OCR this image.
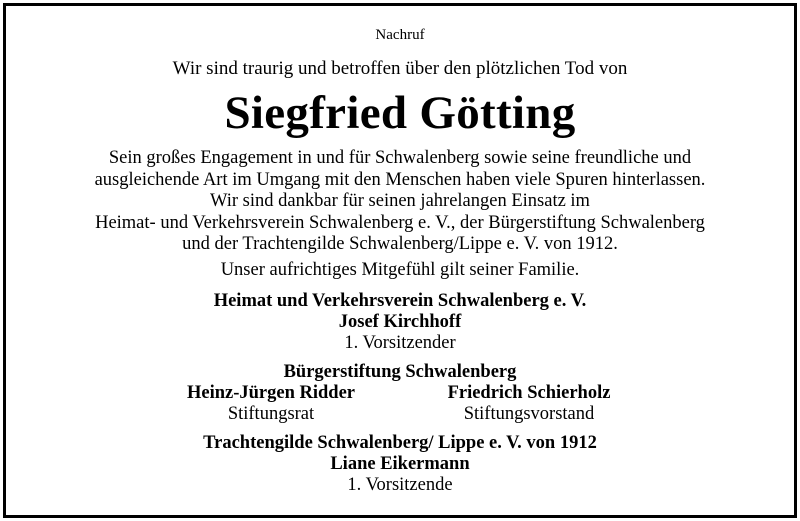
Nachruf
Wir sind traurig und betroffen über den plötzlichen Tod von
Siegfried Götting
Sein großes Engagement in und für Schwalenberg sowie seine freundliche und
ausgleichende Art im Umgang mit den Menschen haben viele Spuren hinterlassen.
Wir sind dankbar für seinen jahrelangen Einsatz im
Heimat- und Verkehrsverein Schwalenberg e. V., der Bürgerstiftung Schwalenberg
und der Trachtengilde Schwalenberg/Lippe e. V. von 1912.
Unser aufrichtiges Mitgefühl gilt seiner Familie.
Heimat und Verkehrsverein Schwalenberg e. V.
Josef Kirchhoff
1. Vorsitzender
Bürgerstiftung Schwalenberg
Heinz-Jürgen Ridder
Stiftungsrat
Friedrich Schierholz
Stiftungsvorstand
Trachtengilde Schwalenberg/ Lippe e. V. von 1912
Liane Eikermann
1. Vorsitzende
